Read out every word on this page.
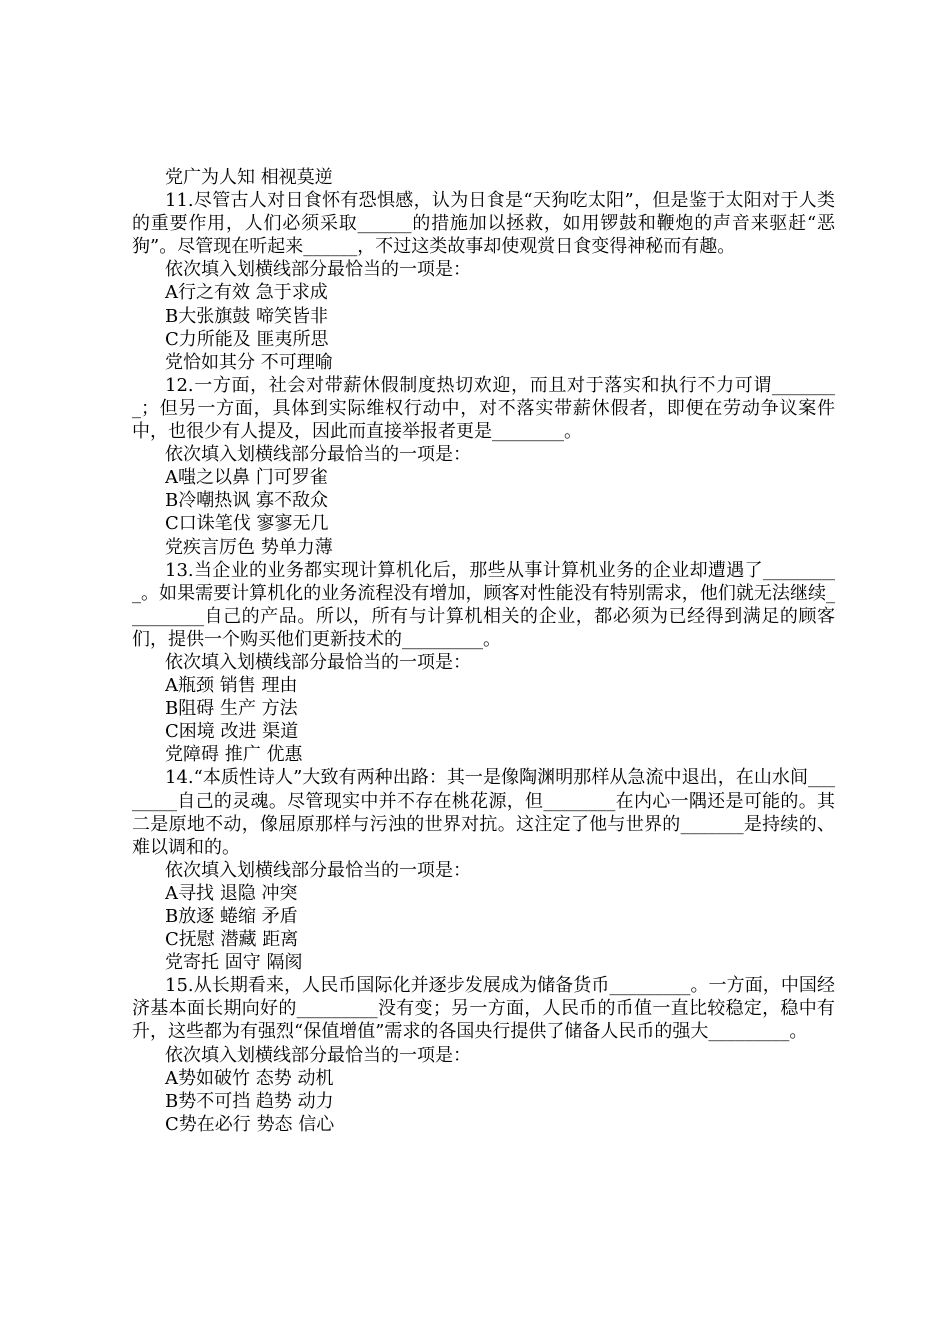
党广为人知 相视莫逆

11.尽管古人对日食怀有恐惧感，认为日食是“天狗吃太阳”，但是鉴于太阳对于人类的重要作用，人们必须采取______的措施加以拯救，如用锣鼓和鞭炮的声音来驱赶“恶狗”。尽管现在听起来______，不过这类故事却使观赏日食变得神秘而有趣。

依次填入划横线部分最恰当的一项是：

A行之有效 急于求成

B大张旗鼓 啼笑皆非

C力所能及 匪夷所思

党恰如其分 不可理喻

12.一方面，社会对带薪休假制度热切欢迎，而且对于落实和执行不力可谓________；但另一方面，具体到实际维权行动中，对不落实带薪休假者，即便在劳动争议案件中，也很少有人提及，因此而直接举报者更是________。

依次填入划横线部分最恰当的一项是：

A嗤之以鼻 门可罗雀

B冷嘲热讽 寡不敌众

C口诛笔伐 寥寥无几

党疾言厉色 势单力薄

13.当企业的业务都实现计算机化后，那些从事计算机业务的企业却遭遇了_________。如果需要计算机化的业务流程没有增加，顾客对性能没有特别需求，他们就无法继续_________自己的产品。所以，所有与计算机相关的企业，都必须为已经得到满足的顾客们，提供一个购买他们更新技术的_________。

依次填入划横线部分最恰当的一项是：

A瓶颈 销售 理由

B阻碍 生产 方法

C困境 改进 渠道

党障碍 推广 优惠

14.“本质性诗人”大致有两种出路：其一是像陶渊明那样从急流中退出，在山水间________自己的灵魂。尽管现实中并不存在桃花源，但________在内心一隅还是可能的。其二是原地不动，像屈原那样与污浊的世界对抗。这注定了他与世界的_______是持续的、难以调和的。

依次填入划横线部分最恰当的一项是：

A寻找 退隐 冲突

B放逐 蜷缩 矛盾

C抚慰 潜藏 距离

党寄托 固守 隔阂

15.从长期看来，人民币国际化并逐步发展成为储备货币_________。一方面，中国经济基本面长期向好的_________没有变；另一方面，人民币的币值一直比较稳定，稳中有升，这些都为有强烈“保值增值”需求的各国央行提供了储备人民币的强大_________。

依次填入划横线部分最恰当的一项是：

A势如破竹 态势 动机

B势不可挡 趋势 动力

C势在必行 势态 信心
